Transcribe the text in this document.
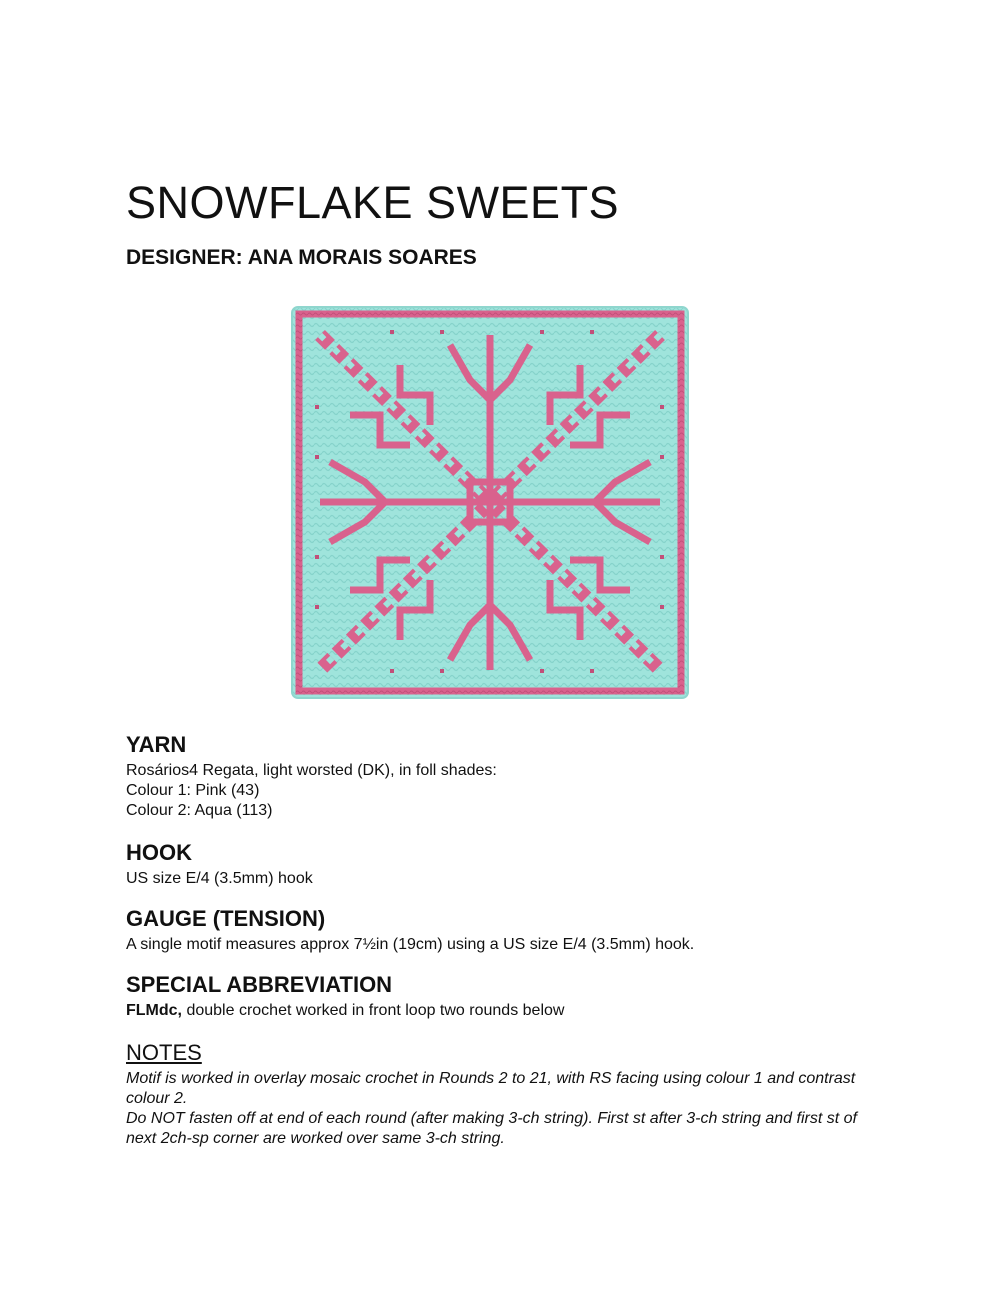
SNOWFLAKE SWEETS
DESIGNER: ANA MORAIS SOARES
YARN

Rosários4 Regata, light worsted (DK), in foll shades:
Colour 1: Pink (43)
Colour 2: Aqua (113)

HOOK

US size E/4 (3.5mm) hook

GAUGE (TENSION)

A single motif measures approx 7½in (19cm) using a US size E/4 (3.5mm) hook.

SPECIAL ABBREVIATION

FLMdc, double crochet worked in front loop two rounds below

NOTES

Motif is worked in overlay mosaic crochet in Rounds 2 to 21, with RS facing using colour 1 and contrast colour 2.
Do NOT fasten off at end of each round (after making 3-ch string). First st after 3-ch string and first st of next 2ch-sp corner are worked over same 3-ch string.
